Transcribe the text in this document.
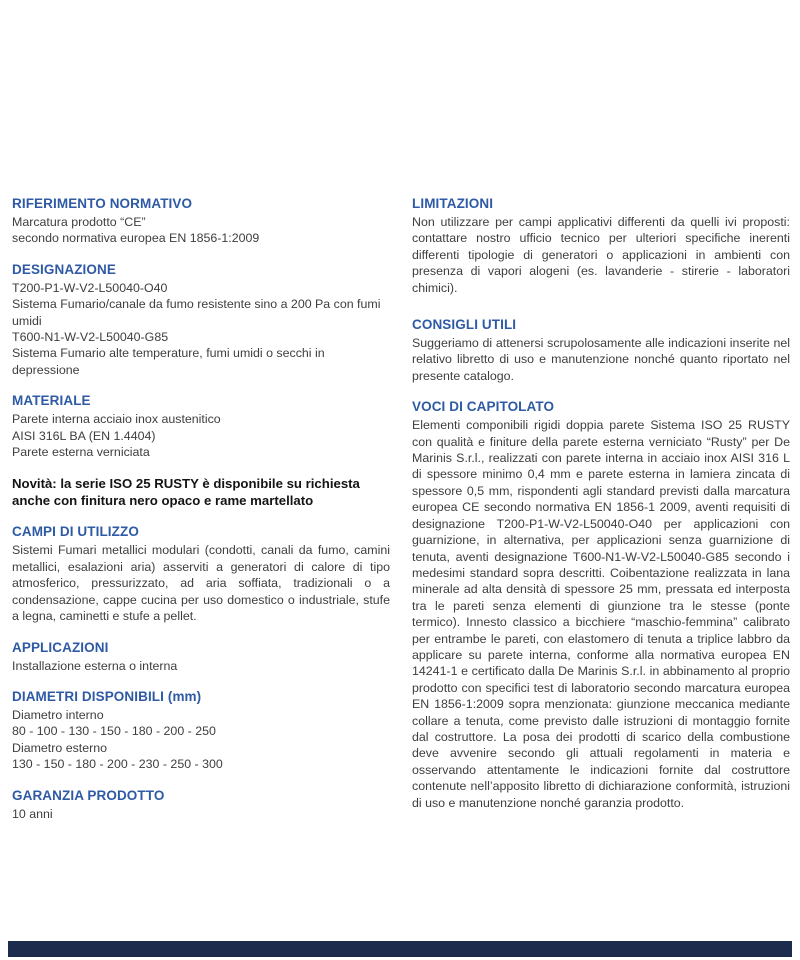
RIFERIMENTO NORMATIVO
Marcatura prodotto “CE”
secondo normativa europea EN 1856-1:2009
DESIGNAZIONE
T200-P1-W-V2-L50040-O40
Sistema Fumario/canale da fumo resistente sino a 200 Pa con fumi umidi
T600-N1-W-V2-L50040-G85
Sistema Fumario alte temperature, fumi umidi o secchi in depressione
MATERIALE
Parete interna acciaio inox austenitico
AISI 316L BA (EN 1.4404)
Parete esterna verniciata

Novità: la serie ISO 25 RUSTY è disponibile su richiesta anche con finitura nero opaco e rame martellato

CAMPI DI UTILIZZO

Sistemi Fumari metallici modulari (condotti, canali da fumo, camini metallici, esalazioni aria) asserviti a generatori di calore di tipo atmosferico, pressurizzato, ad aria soffiata, tradizionali o a condensazione, cappe cucina per uso domestico o industriale, stufe a legna, caminetti e stufe a pellet.

APPLICAZIONI
Installazione esterna o interna
DIAMETRI DISPONIBILI (mm)
Diametro interno
80 - 100 - 130 - 150 - 180 - 200 - 250
Diametro esterno
130 - 150 - 180 - 200 - 230 - 250 - 300
GARANZIA PRODOTTO
10 anni
LIMITAZIONI

Non utilizzare per campi applicativi differenti da quelli ivi proposti: contattare nostro ufficio tecnico per ulteriori specifiche inerenti differenti tipologie di generatori o applicazioni in ambienti con presenza di vapori alogeni (es. lavanderie - stirerie - laboratori chimici).

CONSIGLI UTILI

Suggeriamo di attenersi scrupolosamente alle indicazioni inserite nel relativo libretto di uso e manutenzione nonché quanto riportato nel presente catalogo.

VOCI DI CAPITOLATO

Elementi componibili rigidi doppia parete Sistema ISO 25 RUSTY con qualità e finiture della parete esterna verniciato “Rusty” per De Marinis S.r.l., realizzati con parete interna in acciaio inox AISI 316 L di spessore minimo 0,4 mm e parete esterna in lamiera zincata di spessore 0,5 mm, rispondenti agli standard previsti dalla marcatura europea CE secondo normativa EN 1856-1 2009, aventi requisiti di designazione T200-P1-W-V2-L50040-O40 per applicazioni con guarnizione, in alternativa, per applicazioni senza guarnizione di tenuta, aventi designazione T600-N1-W-V2-L50040-G85 secondo i medesimi standard sopra descritti. Coibentazione realizzata in lana minerale ad alta densità di spessore 25 mm, pressata ed interposta tra le pareti senza elementi di giunzione tra le stesse (ponte termico). Innesto classico a bicchiere “maschio-femmina” calibrato per entrambe le pareti, con elastomero di tenuta a triplice labbro da applicare su parete interna, conforme alla normativa europea EN 14241-1 e certificato dalla De Marinis S.r.l. in abbinamento al proprio prodotto con specifici test di laboratorio secondo marcatura europea EN 1856-1:2009 sopra menzionata: giunzione meccanica mediante collare a tenuta, come previsto dalle istruzioni di montaggio fornite dal costruttore. La posa dei prodotti di scarico della combustione deve avvenire secondo gli attuali regolamenti in materia e osservando attentamente le indicazioni fornite dal costruttore contenute nell’apposito libretto di dichiarazione conformità, istruzioni di uso e manutenzione nonché garanzia prodotto.
